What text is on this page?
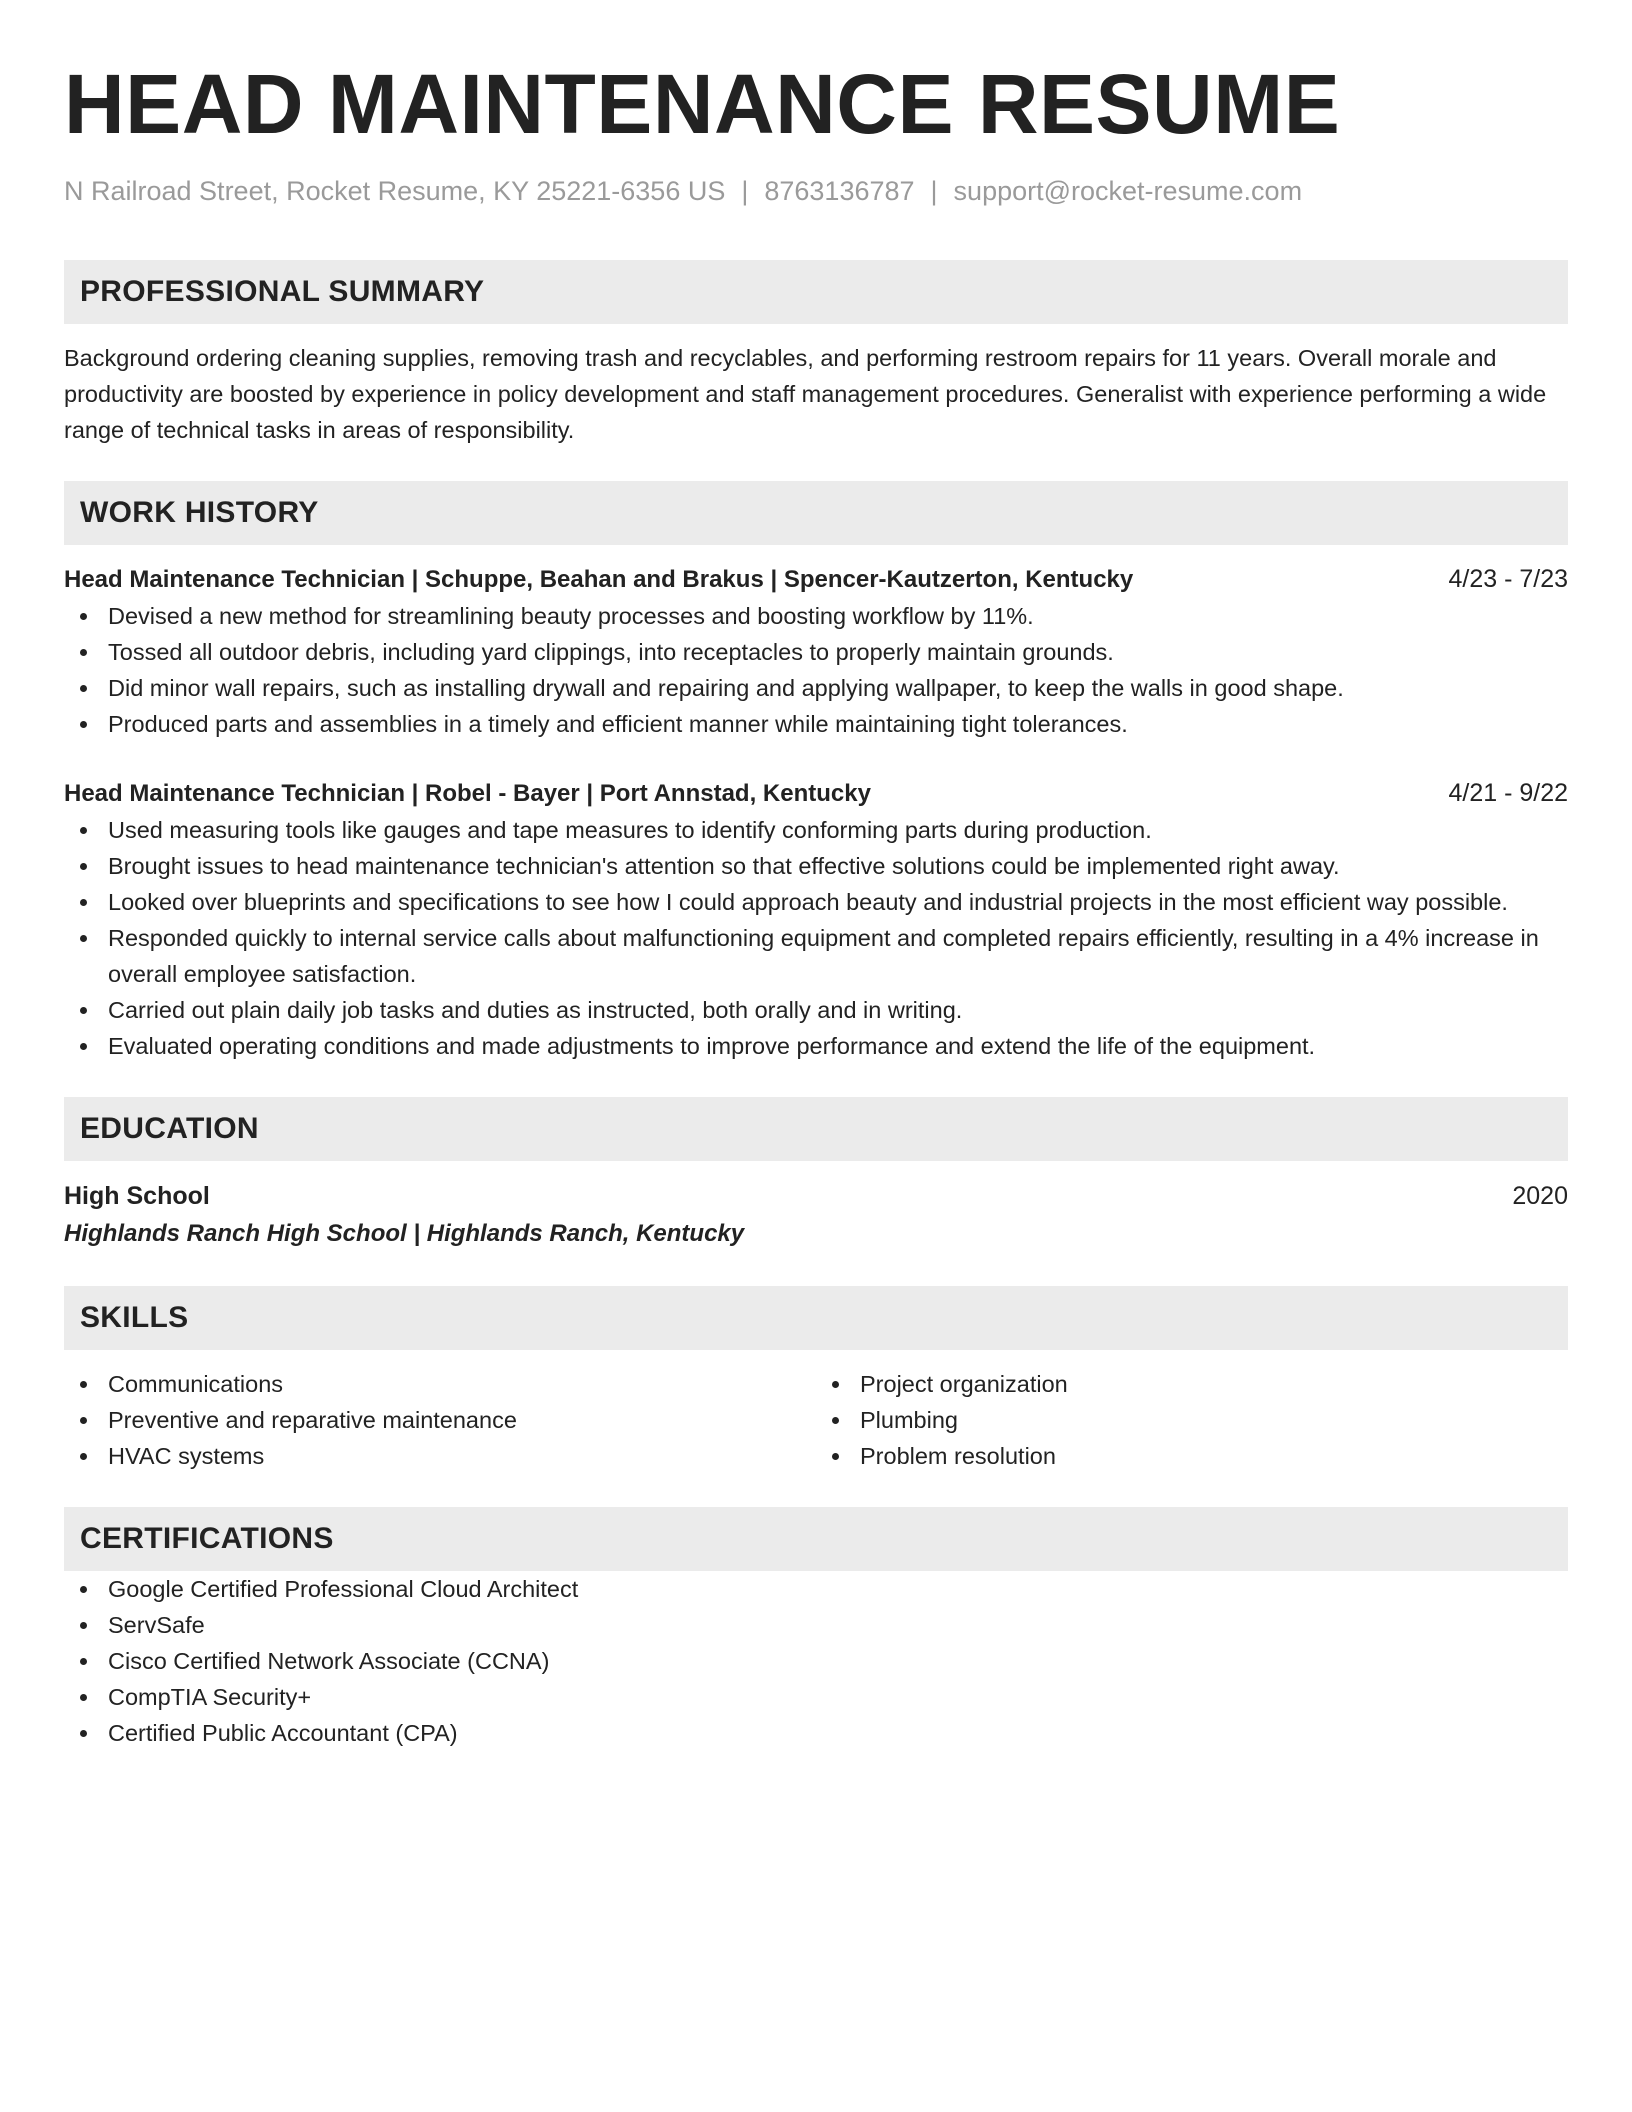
HEAD MAINTENANCE RESUME
N Railroad Street, Rocket Resume, KY 25221-6356 US | 8763136787 | support@rocket-resume.com
PROFESSIONAL SUMMARY
Background ordering cleaning supplies, removing trash and recyclables, and performing restroom repairs for 11 years. Overall morale and productivity are boosted by experience in policy development and staff management procedures. Generalist with experience performing a wide range of technical tasks in areas of responsibility.
WORK HISTORY
Head Maintenance Technician | Schuppe, Beahan and Brakus | Spencer-Kautzerton, Kentucky	4/23 - 7/23
Devised a new method for streamlining beauty processes and boosting workflow by 11%.
Tossed all outdoor debris, including yard clippings, into receptacles to properly maintain grounds.
Did minor wall repairs, such as installing drywall and repairing and applying wallpaper, to keep the walls in good shape.
Produced parts and assemblies in a timely and efficient manner while maintaining tight tolerances.
Head Maintenance Technician | Robel - Bayer | Port Annstad, Kentucky	4/21 - 9/22
Used measuring tools like gauges and tape measures to identify conforming parts during production.
Brought issues to head maintenance technician's attention so that effective solutions could be implemented right away.
Looked over blueprints and specifications to see how I could approach beauty and industrial projects in the most efficient way possible.
Responded quickly to internal service calls about malfunctioning equipment and completed repairs efficiently, resulting in a 4% increase in overall employee satisfaction.
Carried out plain daily job tasks and duties as instructed, both orally and in writing.
Evaluated operating conditions and made adjustments to improve performance and extend the life of the equipment.
EDUCATION
High School	2020
Highlands Ranch High School | Highlands Ranch, Kentucky
SKILLS
Communications
Preventive and reparative maintenance
HVAC systems
Project organization
Plumbing
Problem resolution
CERTIFICATIONS
Google Certified Professional Cloud Architect
ServSafe
Cisco Certified Network Associate (CCNA)
CompTIA Security+
Certified Public Accountant (CPA)
